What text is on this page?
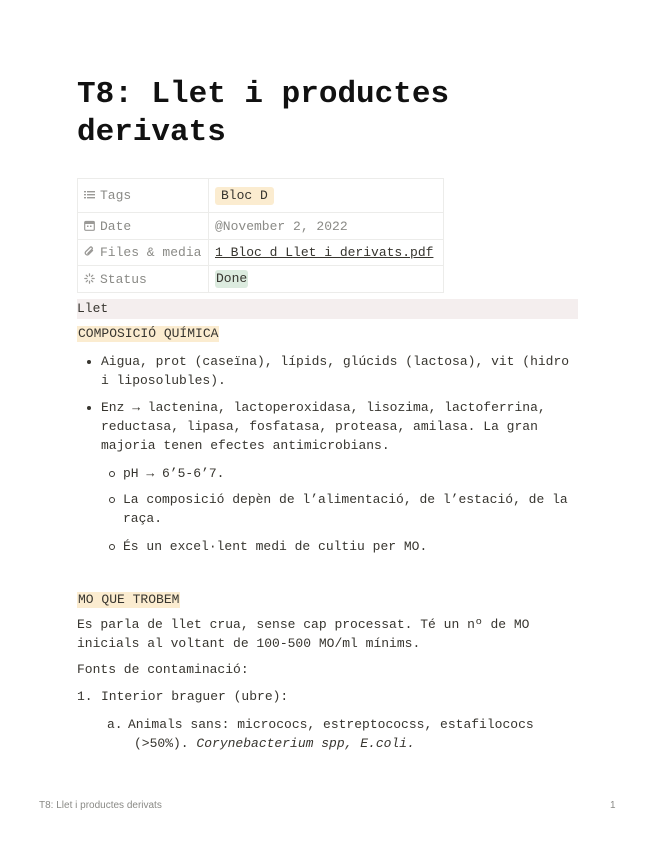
T8: Llet i productes derivats
Tags	Bloc D
Date	@November 2, 2022
Files & media	1 Bloc d Llet i derivats.pdf
Status	Done
Llet
COMPOSICIÓ QUÍMICA

Aigua, prot (caseïna), lípids, glúcids (lactosa), vit (hidro

i liposolubles).

Enz → lactenina, lactoperoxidasa, lisozima, lactoferrina,

reductasa, lipasa, fosfatasa, proteasa, amilasa. La gran

majoria tenen efectes antimicrobians.

pH → 6’5-6’7.

La composició depèn de l’alimentació, de l’estació, de la

raça.

És un excel·lent medi de cultiu per MO.

MO QUE TROBEM

Es parla de llet crua, sense cap processat. Té un nº de MO

inicials al voltant de 100-500 MO/ml mínims.

Fonts de contaminació:

1. Interior braguer (ubre):

a. Animals sans: micrococs, estreptococss, estafilococs

(>50%). Corynebacterium spp, E.coli.

T8: Llet i productes derivats	1
